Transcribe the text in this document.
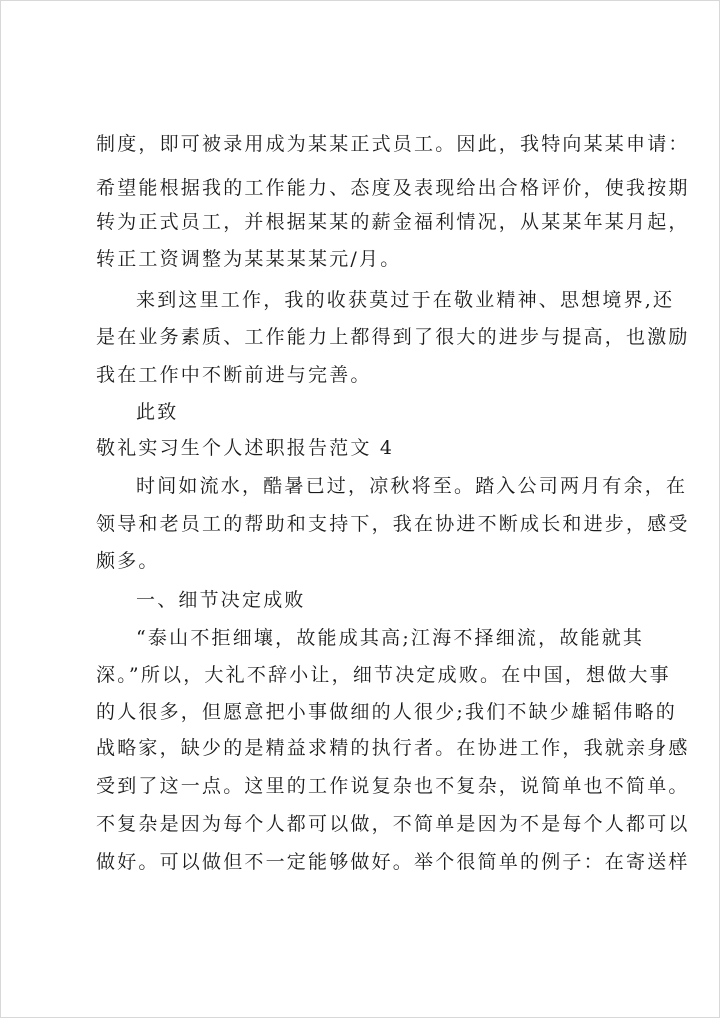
制度，即可被录用成为某某正式员工。因此，我特向某某申请：
希望能根据我的工作能力、态度及表现给出合格评价，使我按期
转为正式员工，并根据某某的薪金福利情况，从某某年某月起，
转正工资调整为某某某某元/月。
来到这里工作，我的收获莫过于在敬业精神、思想境界,还
是在业务素质、工作能力上都得到了很大的进步与提高，也激励
我在工作中不断前进与完善。
此致
敬礼实习生个人述职报告范文 4
时间如流水，酷暑已过，凉秋将至。踏入公司两月有余，在
领导和老员工的帮助和支持下，我在协进不断成长和进步，感受
颇多。
一、细节决定成败
“泰山不拒细壤，故能成其高;江海不择细流，故能就其
深。”所以，大礼不辞小让，细节决定成败。在中国，想做大事
的人很多，但愿意把小事做细的人很少;我们不缺少雄韬伟略的
战略家，缺少的是精益求精的执行者。在协进工作，我就亲身感
受到了这一点。这里的工作说复杂也不复杂，说简单也不简单。
不复杂是因为每个人都可以做，不简单是因为不是每个人都可以
做好。可以做但不一定能够做好。举个很简单的例子：在寄送样
